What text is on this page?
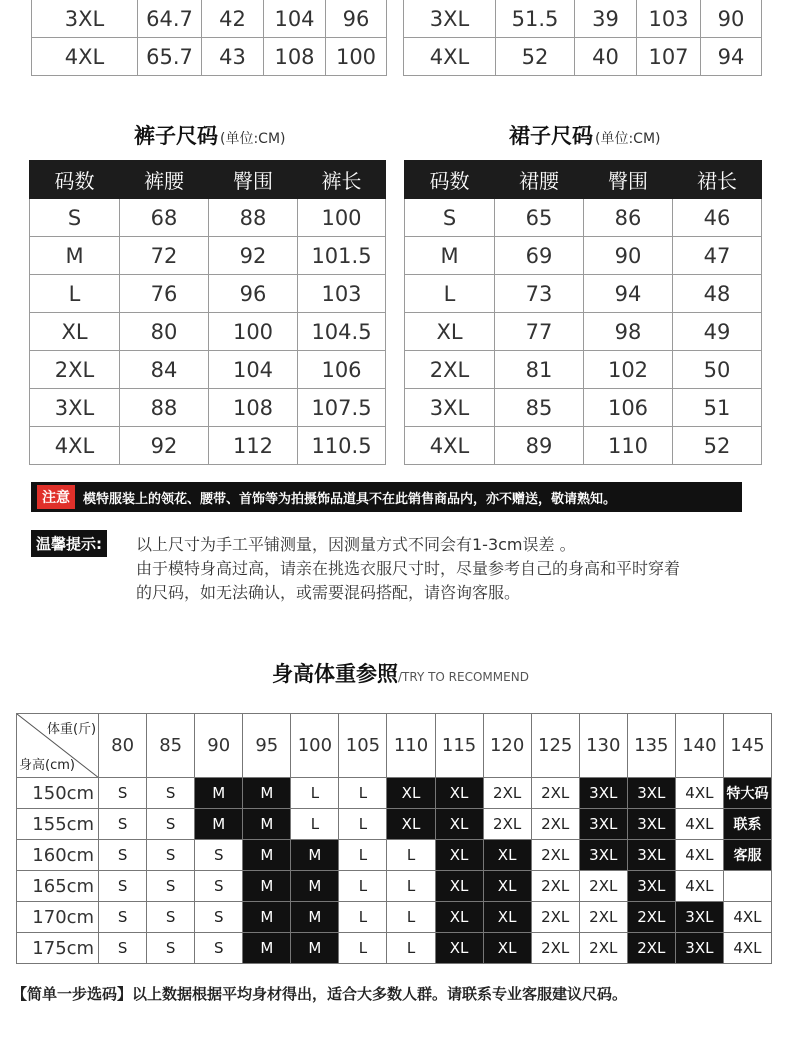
3XL	64.7	42	104	96
4XL	65.7	43	108	100
3XL	51.5	39	103	90
4XL	52	40	107	94
裤子尺码 (单位:CM)
码数	裤腰	臀围	裤长
S	68	88	100
M	72	92	101.5
L	76	96	103
XL	80	100	104.5
2XL	84	104	106
3XL	88	108	107.5
4XL	92	112	110.5
裙子尺码 (单位:CM)
码数	裙腰	臀围	裙长
S	65	86	46
M	69	90	47
L	73	94	48
XL	77	98	49
2XL	81	102	50
3XL	85	106	51
4XL	89	110	52
注意	模特服装上的领花、腰带、首饰等为拍摄饰品道具不在此销售商品内，亦不赠送，敬请熟知。
温馨提示:	以上尺寸为手工平铺测量，因测量方式不同会有1-3cm误差 。
由于模特身高过高，请亲在挑选衣服尺寸时，尽量参考自己的身高和平时穿着
的尺码，如无法确认，或需要混码搭配，请咨询客服。
身高体重参照/TRY TO RECOMMEND
体重(斤)
身高(cm)	80	85	90	95	100	105	110	115	120	125	130	135	140	145
150cm	S	S	M	M	L	L	XL	XL	2XL	2XL	3XL	3XL	4XL	特大码
155cm	S	S	M	M	L	L	XL	XL	2XL	2XL	3XL	3XL	4XL	联系
160cm	S	S	S	M	M	L	L	XL	XL	2XL	3XL	3XL	4XL	客服
165cm	S	S	S	M	M	L	L	XL	XL	2XL	2XL	3XL	4XL	
170cm	S	S	S	M	M	L	L	XL	XL	2XL	2XL	2XL	3XL	4XL
175cm	S	S	S	M	M	L	L	XL	XL	2XL	2XL	2XL	3XL	4XL
【简单一步选码】以上数据根据平均身材得出，适合大多数人群。请联系专业客服建议尺码。
